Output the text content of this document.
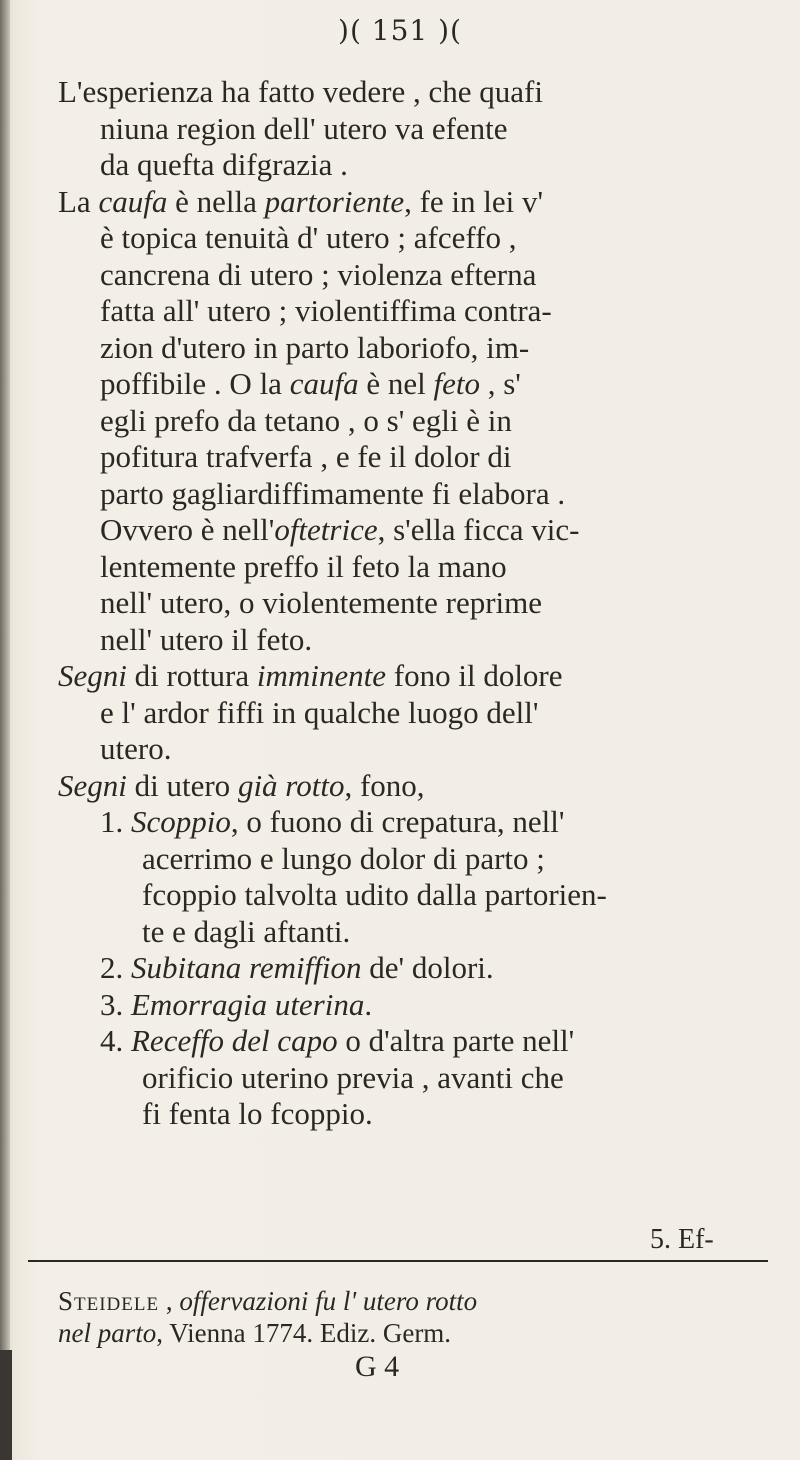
)( 151 )(
L'esperienza ha fatto vedere , che quafi
niuna region dell' utero va efente
da quefta difgrazia .
La caufa è nella partoriente, fe in lei v'
è topica tenuità d' utero ; afceffo ,
cancrena di utero ; violenza efterna
fatta all' utero ; violentiffima contra-
zion d'utero in parto laboriofo, im-
poffibile . O la caufa è nel feto , s'
egli prefo da tetano , o s' egli è in
pofitura trafverfa , e fe il dolor di
parto gagliardiffimamente fi elabora .
Ovvero è nell'oftetrice, s'ella ficca vic-
lentemente preffo il feto la mano
nell' utero, o violentemente reprime
nell' utero il feto.
Segni di rottura imminente fono il dolore
e l' ardor fiffi in qualche luogo dell'
utero.
Segni di utero già rotto, fono,
1. Scoppio, o fuono di crepatura, nell'
acerrimo e lungo dolor di parto ;
fcoppio talvolta udito dalla partorien-
te e dagli aftanti.
2. Subitana remiffion de' dolori.
3. Emorragia uterina.
4. Receffo del capo o d'altra parte nell'
orificio uterino previa , avanti che
fi fenta lo fcoppio.
5. Ef-
Steidele , offervazioni fu l' utero rotto
nel parto, Vienna 1774. Ediz. Germ.
G 4
